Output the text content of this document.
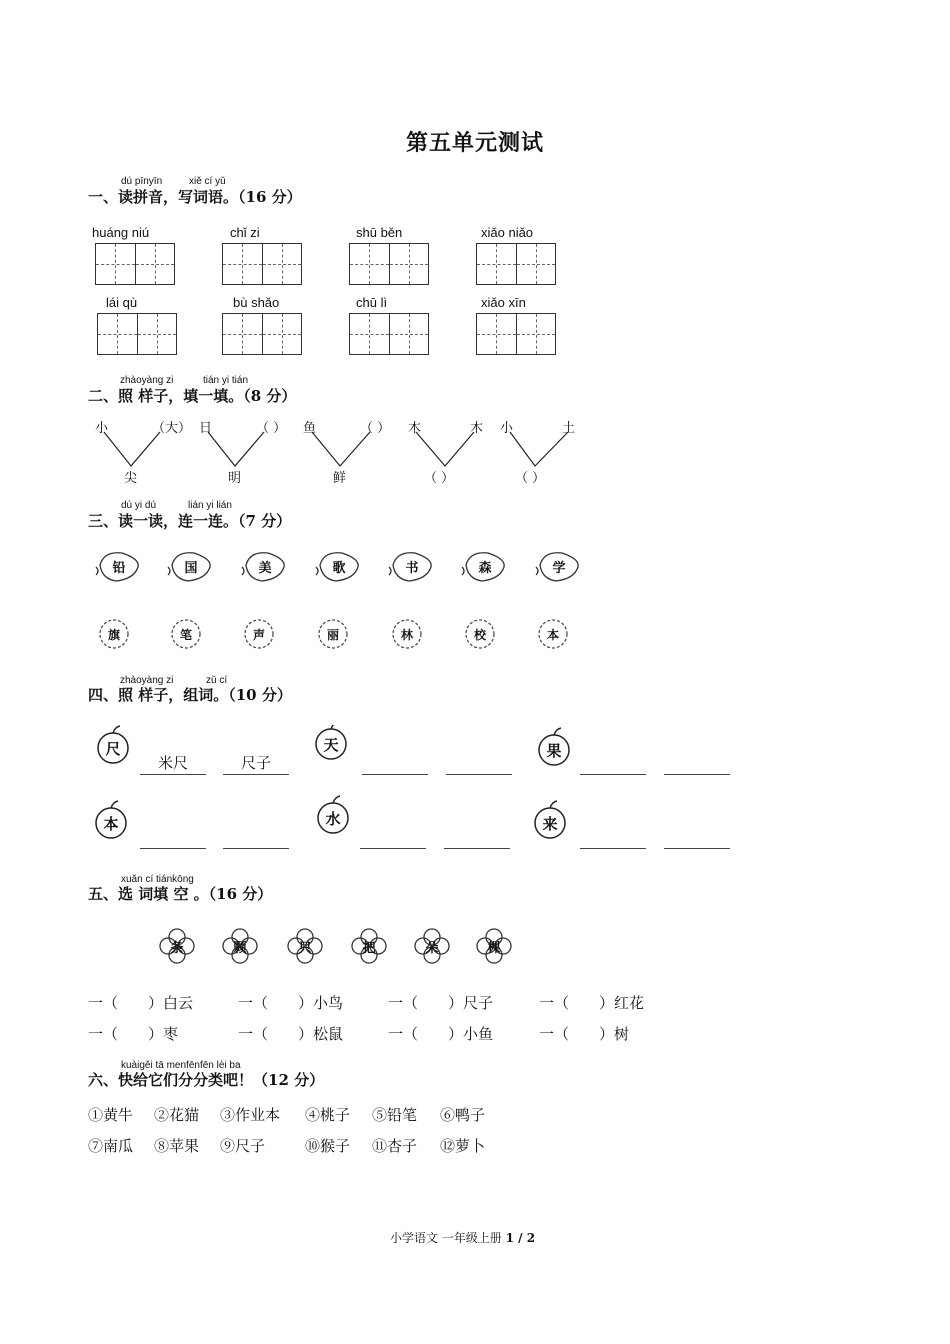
第五单元测试
dú pīnyīn	xiě cí yǔ
一、读拼音，写词语。（16 分）
huáng niú	chǐ zi	shū běn	xiǎo niǎo
lái qù	bù shǎo	chū lì	xiǎo xīn
zhàoyàng zi	tián yi tián
二、照 样子，填一填。（8 分）
小	（大）
尖
日	（ ）
明
鱼	（ ）
鲜
木	木
（ ）
小	土
（ ）
dú yi dú	lián yi lián
三、读一读，连一连。（7 分）
铅	国	美	歌	书	森	学
旗	笔	声	丽	林	校	本
zhàoyàng zi	zǔ cí
四、照 样子，组词。（10 分）
尺	天	果
本	水	来
米尺	尺子
xuǎn cí tiánkōng
五、选 词填 空 。（16 分）
条	颗	只	把	朵	棵
一（　　）白云	一（　　）小鸟	一（　　）尺子	一（　　）红花
一（　　）枣	一（　　）松鼠	一（　　）小鱼	一（　　）树
kuàigěi tā menfēnfēn lèi ba
六、快给它们分分类吧！（12 分）
①黄牛 ②花猫 ③作业本 ④桃子 ⑤铅笔 ⑥鸭子
⑦南瓜 ⑧苹果 ⑨尺子	⑩猴子 ⑪杏子 ⑫萝卜
小学语文 一年级上册 1 / 2
